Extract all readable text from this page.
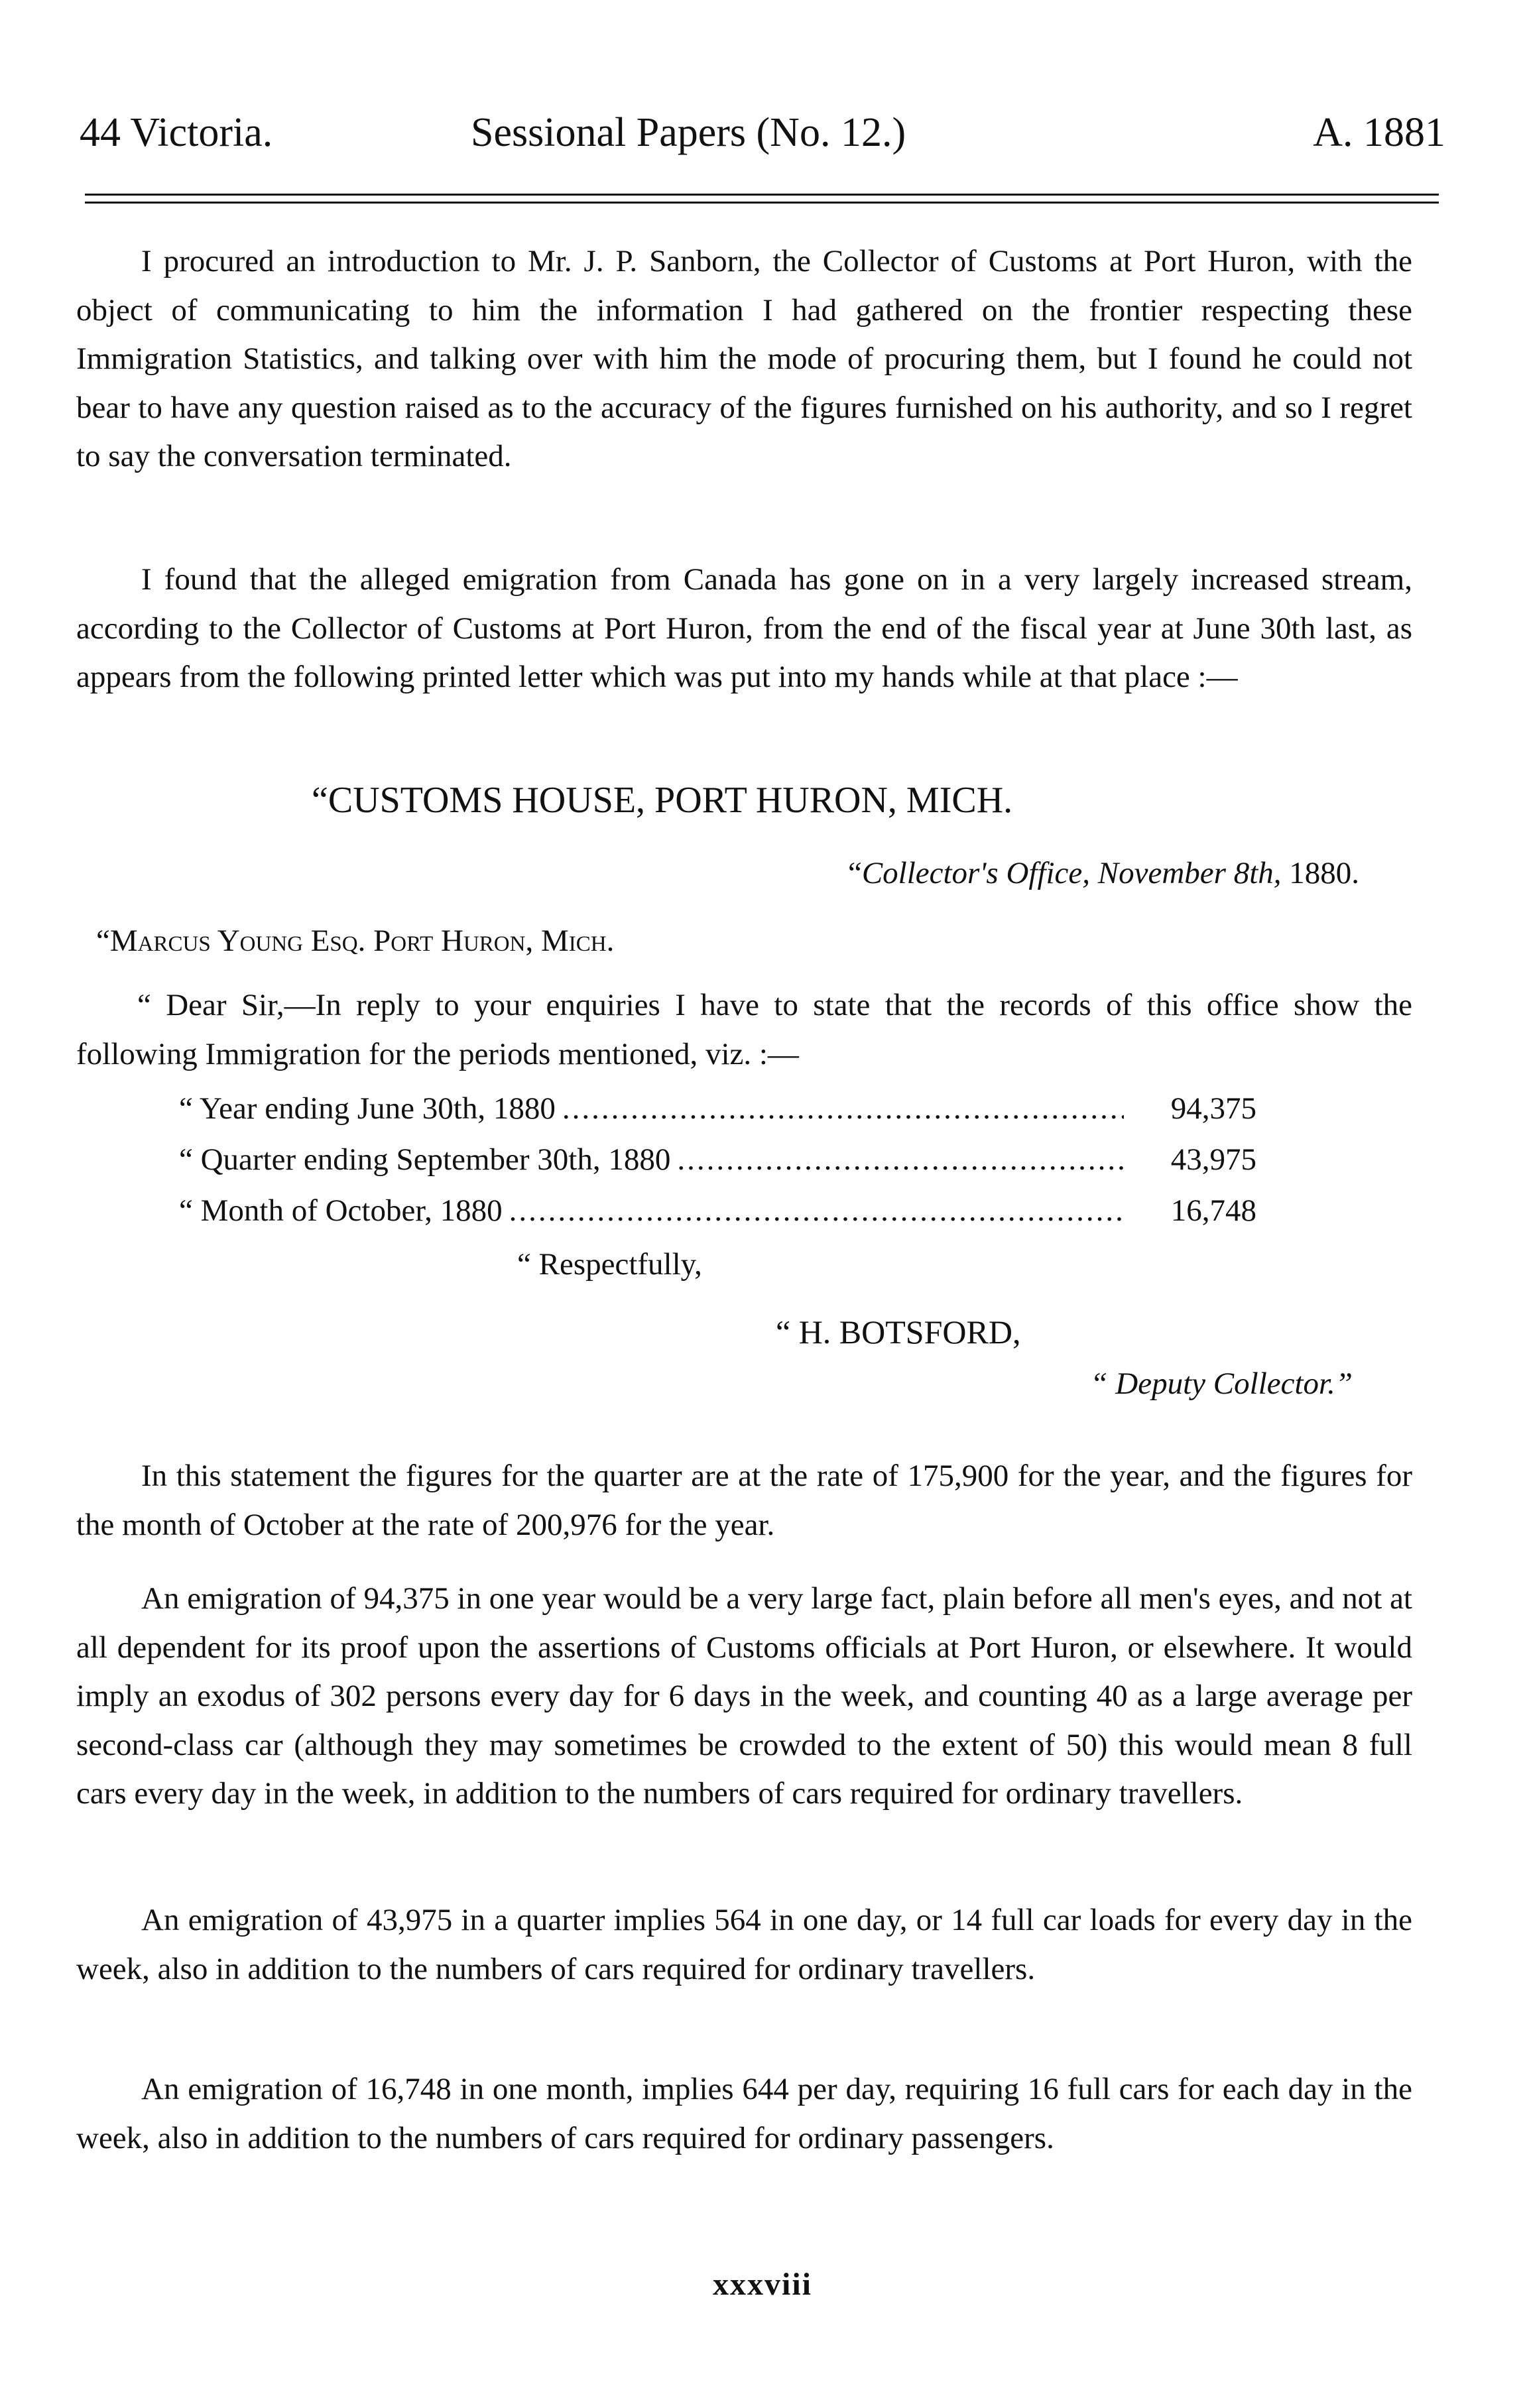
44 Victoria.	Sessional Papers (No. 12.)	A. 1881

I procured an introduction to Mr. J. P. Sanborn, the Collector of Customs at Port Huron, with the object of communicating to him the information I had gathered on the frontier respecting these Immigration Statistics, and talking over with him the mode of procuring them, but I found he could not bear to have any question raised as to the accuracy of the figures furnished on his authority, and so I regret to say the conversation terminated.

I found that the alleged emigration from Canada has gone on in a very largely increased stream, according to the Collector of Customs at Port Huron, from the end of the fiscal year at June 30th last, as appears from the following printed letter which was put into my hands while at that place :—

“CUSTOMS HOUSE, PORT HURON, MICH.
“Collector's Office, November 8th, 1880.
“Marcus Young Esq. Port Huron, Mich.

“ Dear Sir,—In reply to your enquiries I have to state that the records of this office show the following Immigration for the periods mentioned, viz. :—

“ Year ending June 30th, 1880 .....	94,375
“ Quarter ending September 30th, 1880 .....	43,975
“ Month of October, 1880 .....	16,748
“ Respectfully,
“ H. BOTSFORD,
“ Deputy Collector.”

In this statement the figures for the quarter are at the rate of 175,900 for the year, and the figures for the month of October at the rate of 200,976 for the year.

An emigration of 94,375 in one year would be a very large fact, plain before all men's eyes, and not at all dependent for its proof upon the assertions of Customs officials at Port Huron, or elsewhere. It would imply an exodus of 302 persons every day for 6 days in the week, and counting 40 as a large average per second-class car (although they may sometimes be crowded to the extent of 50) this would mean 8 full cars every day in the week, in addition to the numbers of cars required for ordinary travellers.

An emigration of 43,975 in a quarter implies 564 in one day, or 14 full car loads for every day in the week, also in addition to the numbers of cars required for ordinary travellers.

An emigration of 16,748 in one month, implies 644 per day, requiring 16 full cars for each day in the week, also in addition to the numbers of cars required for ordinary passengers.

xxxviii
